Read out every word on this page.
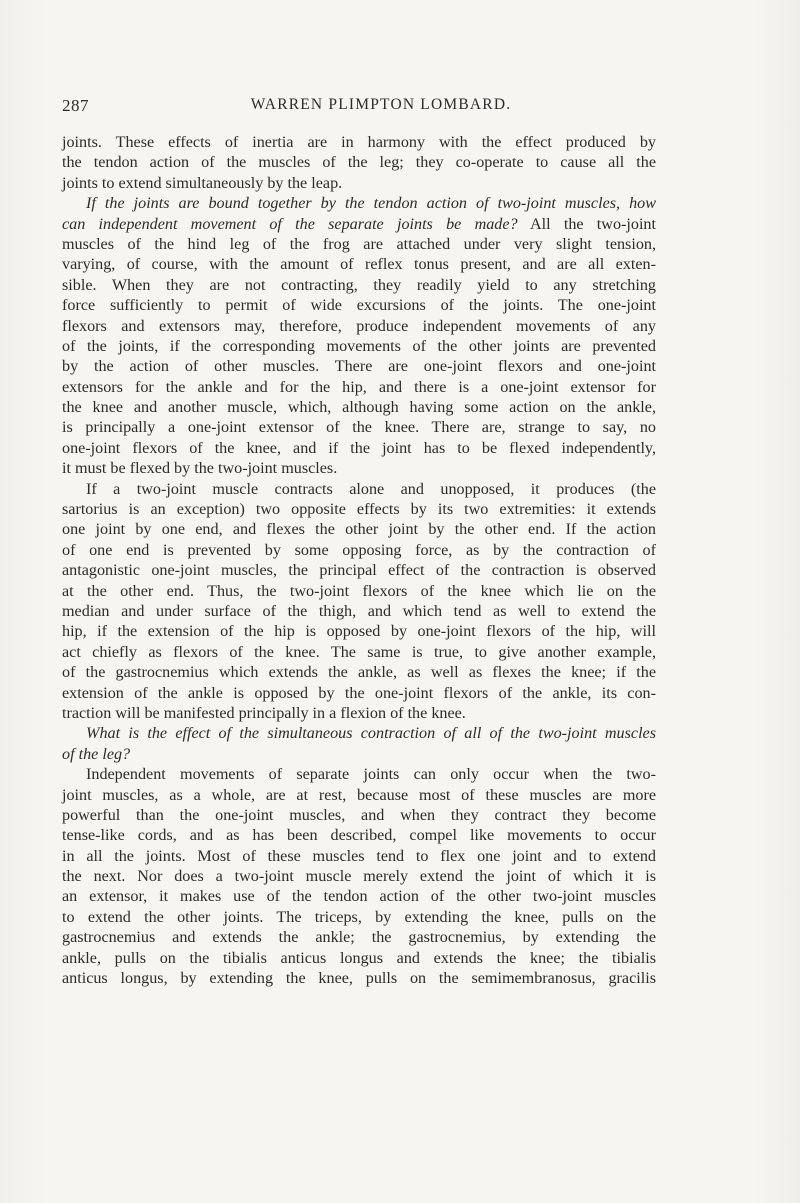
287	WARREN PLIMPTON LOMBARD.
joints. These effects of inertia are in harmony with the effect produced by
the tendon action of the muscles of the leg; they co-operate to cause all the
joints to extend simultaneously by the leap.
If the joints are bound together by the tendon action of two-joint muscles, how
can independent movement of the separate joints be made? All the two-joint
muscles of the hind leg of the frog are attached under very slight tension,
varying, of course, with the amount of reflex tonus present, and are all exten-
sible. When they are not contracting, they readily yield to any stretching
force sufficiently to permit of wide excursions of the joints. The one-joint
flexors and extensors may, therefore, produce independent movements of any
of the joints, if the corresponding movements of the other joints are prevented
by the action of other muscles. There are one-joint flexors and one-joint
extensors for the ankle and for the hip, and there is a one-joint extensor for
the knee and another muscle, which, although having some action on the ankle,
is principally a one-joint extensor of the knee. There are, strange to say, no
one-joint flexors of the knee, and if the joint has to be flexed independently,
it must be flexed by the two-joint muscles.
If a two-joint muscle contracts alone and unopposed, it produces (the
sartorius is an exception) two opposite effects by its two extremities: it extends
one joint by one end, and flexes the other joint by the other end. If the action
of one end is prevented by some opposing force, as by the contraction of
antagonistic one-joint muscles, the principal effect of the contraction is observed
at the other end. Thus, the two-joint flexors of the knee which lie on the
median and under surface of the thigh, and which tend as well to extend the
hip, if the extension of the hip is opposed by one-joint flexors of the hip, will
act chiefly as flexors of the knee. The same is true, to give another example,
of the gastrocnemius which extends the ankle, as well as flexes the knee; if the
extension of the ankle is opposed by the one-joint flexors of the ankle, its con-
traction will be manifested principally in a flexion of the knee.
What is the effect of the simultaneous contraction of all of the two-joint muscles
of the leg?
Independent movements of separate joints can only occur when the two-
joint muscles, as a whole, are at rest, because most of these muscles are more
powerful than the one-joint muscles, and when they contract they become
tense-like cords, and as has been described, compel like movements to occur
in all the joints. Most of these muscles tend to flex one joint and to extend
the next. Nor does a two-joint muscle merely extend the joint of which it is
an extensor, it makes use of the tendon action of the other two-joint muscles
to extend the other joints. The triceps, by extending the knee, pulls on the
gastrocnemius and extends the ankle; the gastrocnemius, by extending the
ankle, pulls on the tibialis anticus longus and extends the knee; the tibialis
anticus longus, by extending the knee, pulls on the semimembranosus, gracilis
